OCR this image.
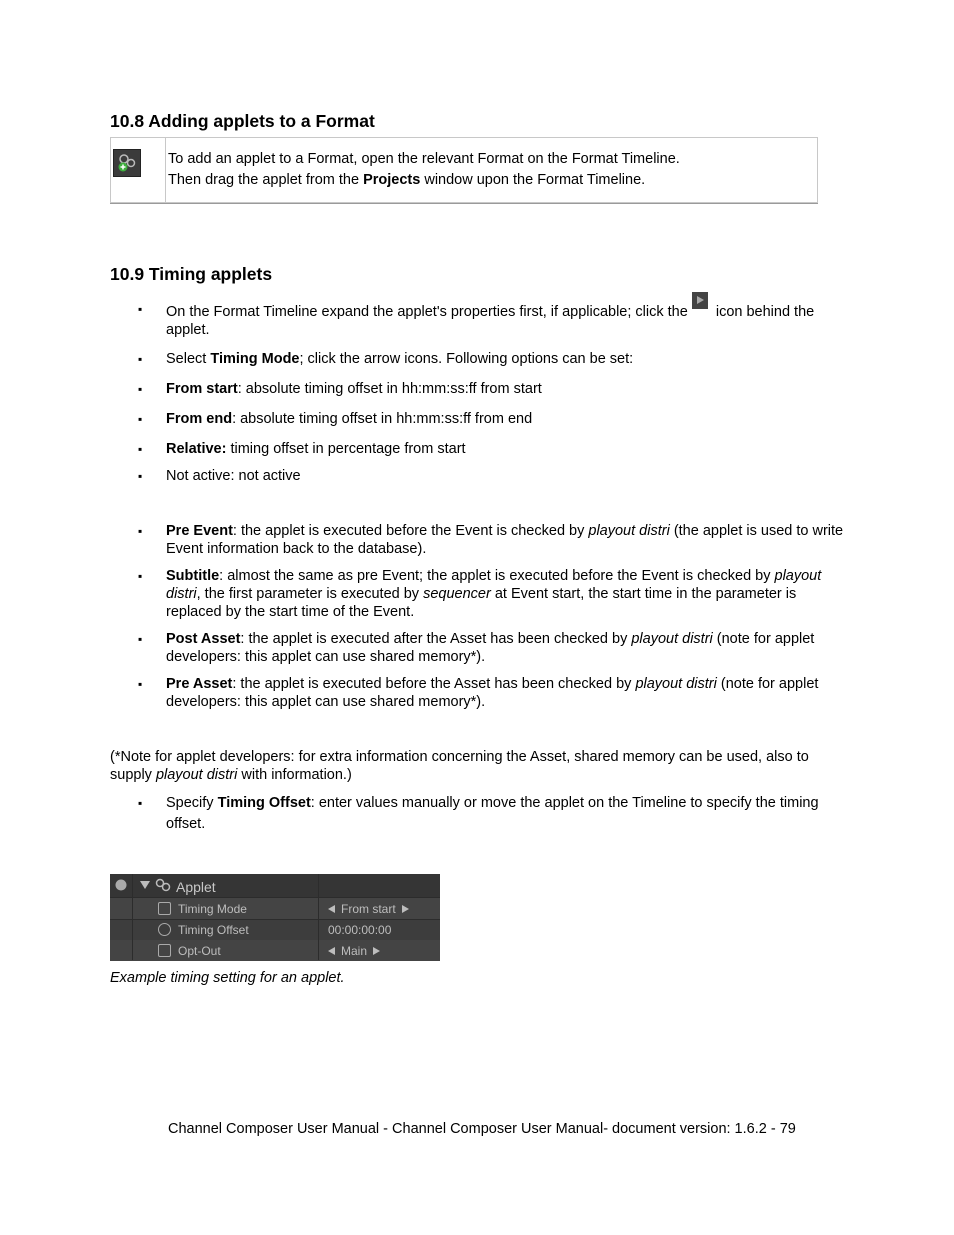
10.8 Adding applets to a Format
To add an applet to a Format, open the relevant Format on the Format Timeline.
Then drag the applet from the Projects window upon the Format Timeline.
10.9 Timing applets
▪ On the Format Timeline expand the applet's properties first, if applicable; click the icon behind the applet.
▪ Select Timing Mode; click the arrow icons. Following options can be set:
▪ From start: absolute timing offset in hh:mm:ss:ff from start
▪ From end: absolute timing offset in hh:mm:ss:ff from end
▪ Relative: timing offset in percentage from start
▪ Not active: not active
▪ Pre Event: the applet is executed before the Event is checked by playout distri (the applet is used to write Event information back to the database).
▪ Subtitle: almost the same as pre Event; the applet is executed before the Event is checked by playout distri, the first parameter is executed by sequencer at Event start, the start time in the parameter is replaced by the start time of the Event.
▪ Post Asset: the applet is executed after the Asset has been checked by playout distri (note for applet developers: this applet can use shared memory*).
▪ Pre Asset: the applet is executed before the Asset has been checked by playout distri (note for applet developers: this applet can use shared memory*).
(*Note for applet developers: for extra information concerning the Asset, shared memory can be used, also to supply playout distri with information.)
▪ Specify Timing Offset: enter values manually or move the applet on the Timeline to specify the timing offset.
Applet
Timing Mode	From start
Timing Offset	00:00:00:00
Opt-Out	Main
Example timing setting for an applet.
Channel Composer User Manual - Channel Composer User Manual- document version: 1.6.2 - 79
